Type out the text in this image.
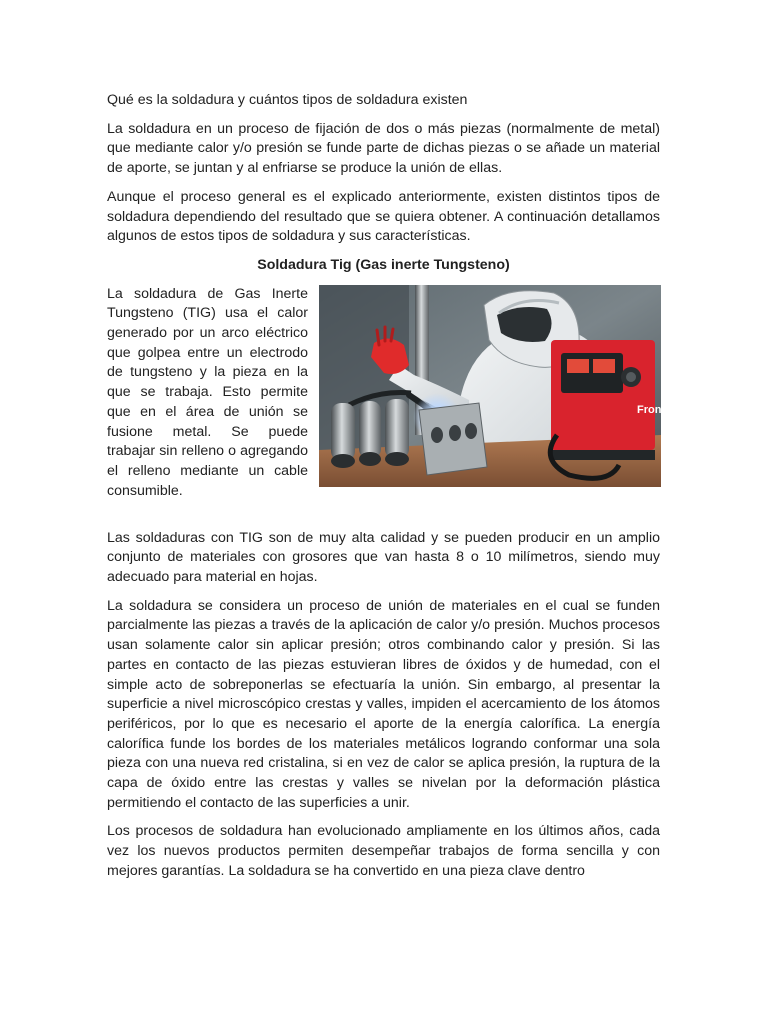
Qué es la soldadura y cuántos tipos de soldadura existen

La soldadura en un proceso de fijación de dos o más piezas (normalmente de metal) que mediante calor y/o presión se funde parte de dichas piezas o se añade un material de aporte, se juntan y al enfriarse se produce la unión de ellas.

Aunque el proceso general es el explicado anteriormente, existen distintos tipos de soldadura dependiendo del resultado que se quiera obtener. A continuación detallamos algunos de estos tipos de soldadura y sus características.

Soldadura Tig (Gas inerte Tungsteno)

La soldadura de Gas Inerte Tungsteno (TIG) usa el calor generado por un arco eléctrico que golpea entre un electrodo de tungsteno y la pieza en la que se trabaja. Esto permite que en el área de unión se fusione metal. Se puede trabajar sin relleno o agregando el relleno mediante un cable consumible.
Froni

Las soldaduras con TIG son de muy alta calidad y se pueden producir en un amplio conjunto de materiales con grosores que van hasta 8 o 10 milímetros, siendo muy adecuado para material en hojas.

La soldadura se considera un proceso de unión de materiales en el cual se funden parcialmente las piezas a través de la aplicación de calor y/o presión. Muchos procesos usan solamente calor sin aplicar presión; otros combinando calor y presión. Si las partes en contacto de las piezas estuvieran libres de óxidos y de humedad, con el simple acto de sobreponerlas se efectuaría la unión. Sin embargo, al presentar la superficie a nivel microscópico crestas y valles, impiden el acercamiento de los átomos periféricos, por lo que es necesario el aporte de la energía calorífica. La energía calorífica funde los bordes de los materiales metálicos logrando conformar una sola pieza con una nueva red cristalina, si en vez de calor se aplica presión, la ruptura de la capa de óxido entre las crestas y valles se nivelan por la deformación plástica permitiendo el contacto de las superficies a unir.

Los procesos de soldadura han evolucionado ampliamente en los últimos años, cada vez los nuevos productos permiten desempeñar trabajos de forma sencilla y con mejores garantías. La soldadura se ha convertido en una pieza clave dentro
